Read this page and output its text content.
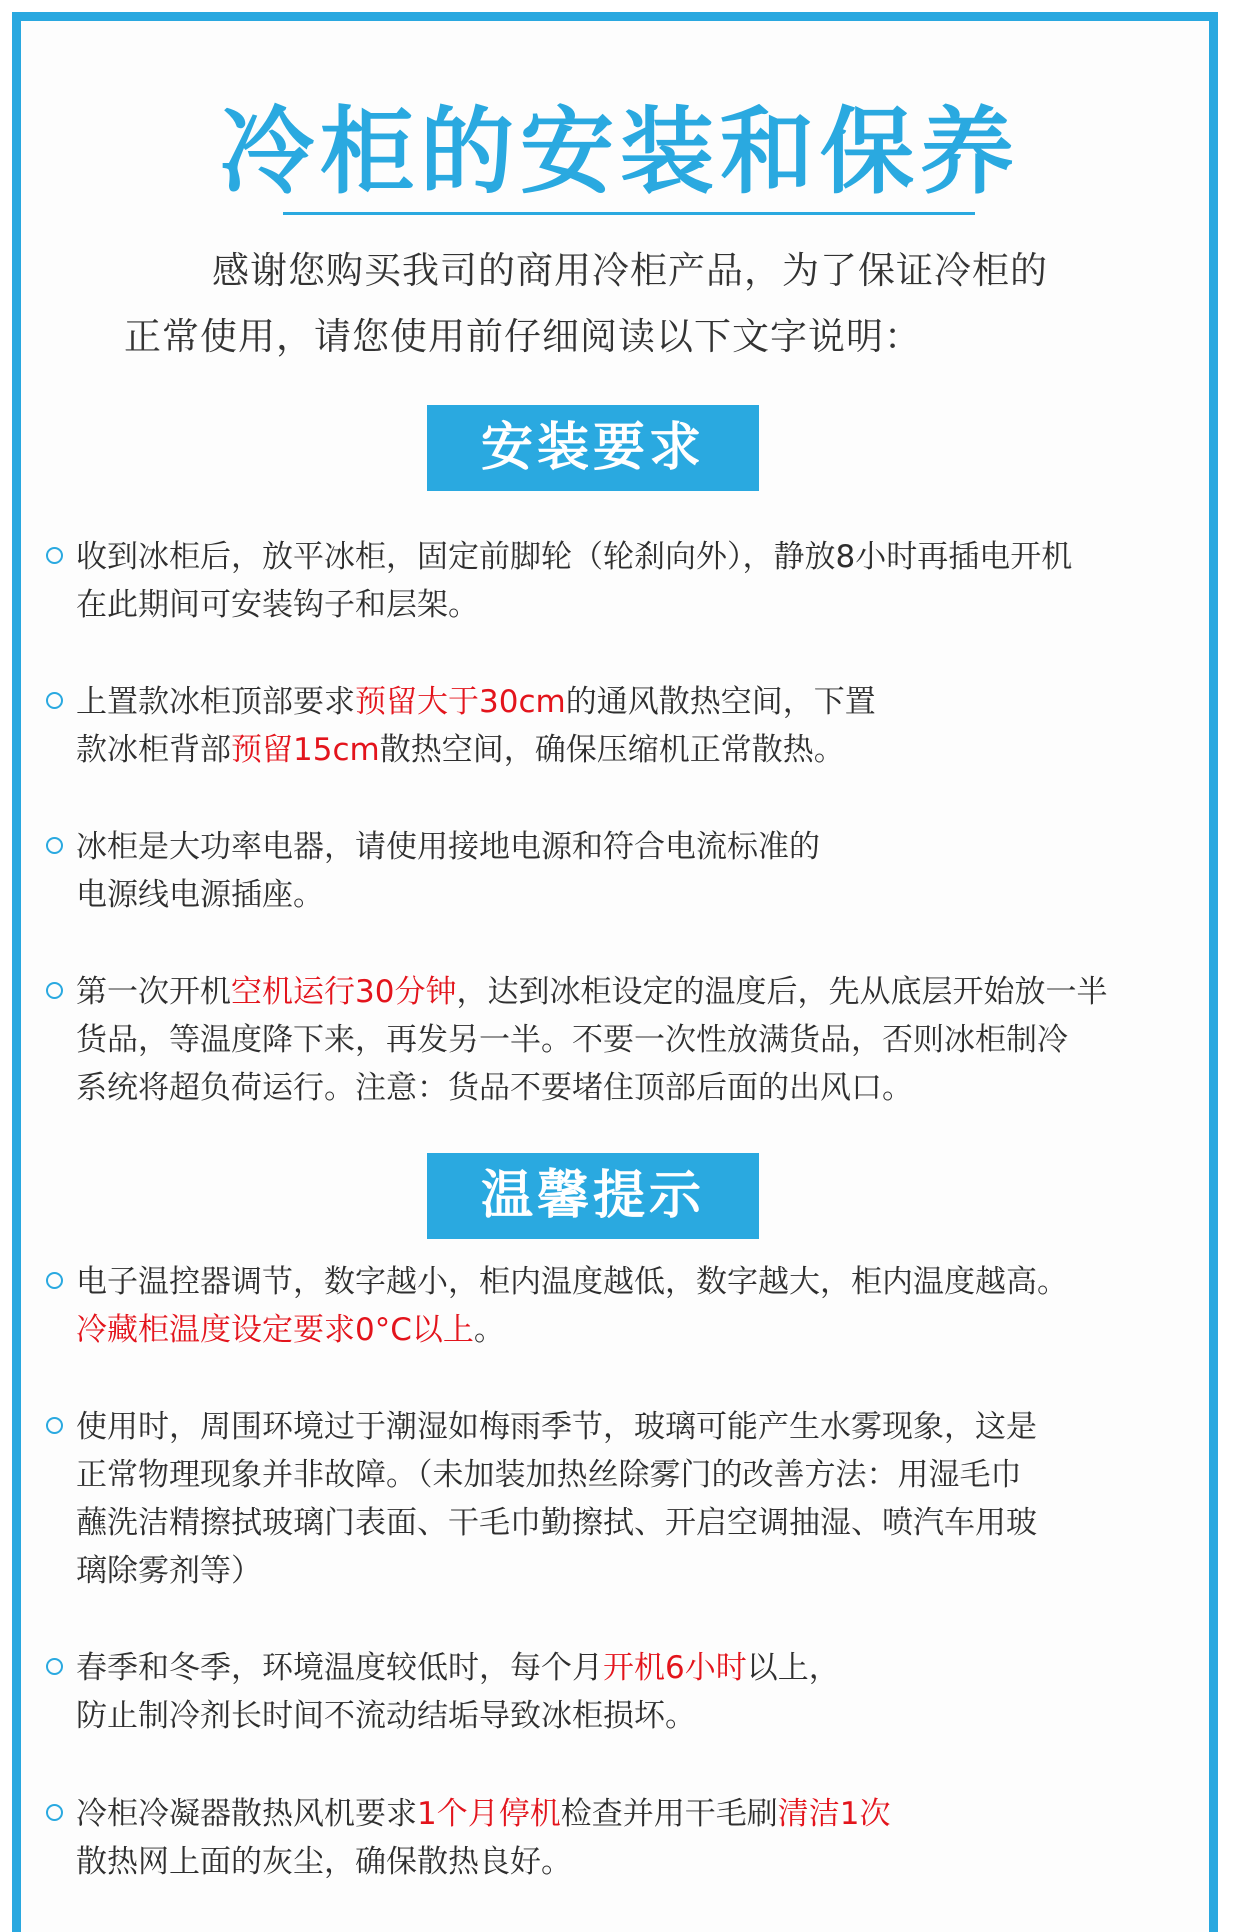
冷柜的安装和保养
感谢您购买我司的商用冷柜产品，为了保证冷柜的
正常使用，请您使用前仔细阅读以下文字说明：
安装要求
收到冰柜后，放平冰柜，固定前脚轮（轮刹向外），静放8小时再插电开机
在此期间可安装钩子和层架。
上置款冰柜顶部要求预留大于30cm的通风散热空间，下置
款冰柜背部预留15cm散热空间，确保压缩机正常散热。
冰柜是大功率电器，请使用接地电源和符合电流标准的
电源线电源插座。
第一次开机空机运行30分钟，达到冰柜设定的温度后，先从底层开始放一半
货品，等温度降下来，再发另一半。不要一次性放满货品，否则冰柜制冷
系统将超负荷运行。注意：货品不要堵住顶部后面的出风口。
温馨提示
电子温控器调节，数字越小，柜内温度越低，数字越大，柜内温度越高。
冷藏柜温度设定要求0°C以上。
使用时，周围环境过于潮湿如梅雨季节，玻璃可能产生水雾现象，这是
正常物理现象并非故障。（未加装加热丝除雾门的改善方法：用湿毛巾
蘸洗洁精擦拭玻璃门表面、干毛巾勤擦拭、开启空调抽湿、喷汽车用玻
璃除雾剂等）
春季和冬季，环境温度较低时，每个月开机6小时以上，
防止制冷剂长时间不流动结垢导致冰柜损坏。
冷柜冷凝器散热风机要求1个月停机检查并用干毛刷清洁1次
散热网上面的灰尘，确保散热良好。
